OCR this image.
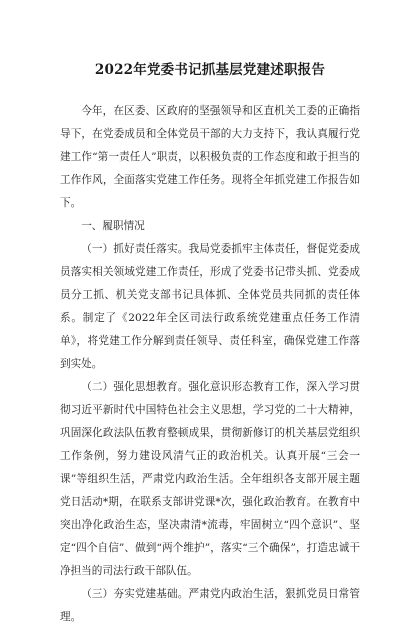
2022年党委书记抓基层党建述职报告

今年，在区委、区政府的坚强领导和区直机关工委的正确指导下，在党委成员和全体党员干部的大力支持下，我认真履行党建工作“第一责任人”职责，以积极负责的工作态度和敢于担当的工作作风，全面落实党建工作任务。现将全年抓党建工作报告如下。

一、履职情况

（一）抓好责任落实。我局党委抓牢主体责任，督促党委成员落实相关领域党建工作责任，形成了党委书记带头抓、党委成员分工抓、机关党支部书记具体抓、全体党员共同抓的责任体系。制定了《2022年全区司法行政系统党建重点任务工作清单》，将党建工作分解到责任领导、责任科室，确保党建工作落到实处。

（二）强化思想教育。强化意识形态教育工作，深入学习贯彻习近平新时代中国特色社会主义思想，学习党的二十大精神，巩固深化政法队伍教育整顿成果，贯彻新修订的机关基层党组织工作条例，努力建设风清气正的政治机关。认真开展“三会一课”等组织生活，严肃党内政治生活。全年组织各支部开展主题党日活动*期，在联系支部讲党课*次，强化政治教育。在教育中突出净化政治生态，坚决肃清*流毒，牢固树立“四个意识”、坚定“四个自信”、做到“两个维护”，落实“三个确保”，打造忠诚干净担当的司法行政干部队伍。

（三）夯实党建基础。严肃党内政治生活，狠抓党员日常管理。
